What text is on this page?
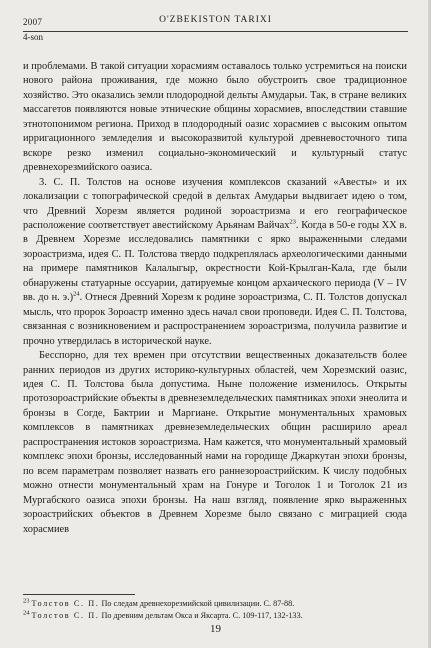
2007	O'ZBEKISTON TARIXI
4-son

и проблемами. В такой ситуации хорасмиям оставалось только устремиться на поиски нового района проживания, где можно было обустроить свое традиционное хозяйство. Это оказались земли плодородной дельты Амударьи. Так, в стране великих массагетов появляются новые этнические общины хорасмиев, впоследствии ставшие этнотопонимом региона. Приход в плодородный оазис хорасмиев с высоким опытом ирригационного земледелия и высокоразвитой культурой древневосточного типа вскоре резко изменил социально-экономический и культурный статус древнехорезмийского оазиса.

3. С. П. Толстов на основе изучения комплексов сказаний «Авесты» и их локализации с топографической средой в дельтах Амударьи выдвигает идею о том, что Древний Хорезм является родиной зороастризма и его географическое расположение соответствует авестийскому Арьянам Вайчах$^{23}$. Когда в 50-е годы XX в. в Древнем Хорезме исследовались памятники с ярко выраженными следами зороастризма, идея С. П. Толстова твердо подкреплялась археологическими данными на примере памятников Калалыгыр, окрестности Кой-Крылган-Кала, где были обнаружены статуарные оссуарии, датируемые концом архаического периода (V – IV вв. до н. э.)$^{24}$. Отнеся Древний Хорезм к родине зороастризма, С. П. Толстов допускал мысль, что пророк Зороастр именно здесь начал свои проповеди. Идея С. П. Толстова, связанная с возникновением и распространением зороастризма, получила развитие и прочно утвердилась в исторической науке.

Бесспорно, для тех времен при отсутствии вещественных доказательств более ранних периодов из других историко-культурных областей, чем Хорезмский оазис, идея С. П. Толстова была допустима. Ныне положение изменилось. Открыты протозороастрийские объекты в древнеземледельческих памятниках эпохи энеолита и бронзы в Согде, Бактрии и Маргиане. Открытие монументальных храмовых комплексов в памятниках древнеземледельческих общин расширило ареал распространения истоков зороастризма. Нам кажется, что монументальный храмовый комплекс эпохи бронзы, исследованный нами на городище Джаркутан эпохи бронзы, по всем параметрам позволяет назвать его раннезороастрийским. К числу подобных можно отнести монументальный храм на Гонуре и Тоголок 1 и Тоголок 21 из Мургабского оазиса эпохи бронзы. На наш взгляд, появление ярко выраженных зороастрийских объектов в Древнем Хорезме было связано с миграцией сюда хорасмиев

$^{23}$ Толстов С. П. По следам древнехорезмийской цивилизации. С. 87-88.

$^{24}$ Толстов С. П. По древним дельтам Окса и Яксарта. С. 109-117, 132-133.

19
